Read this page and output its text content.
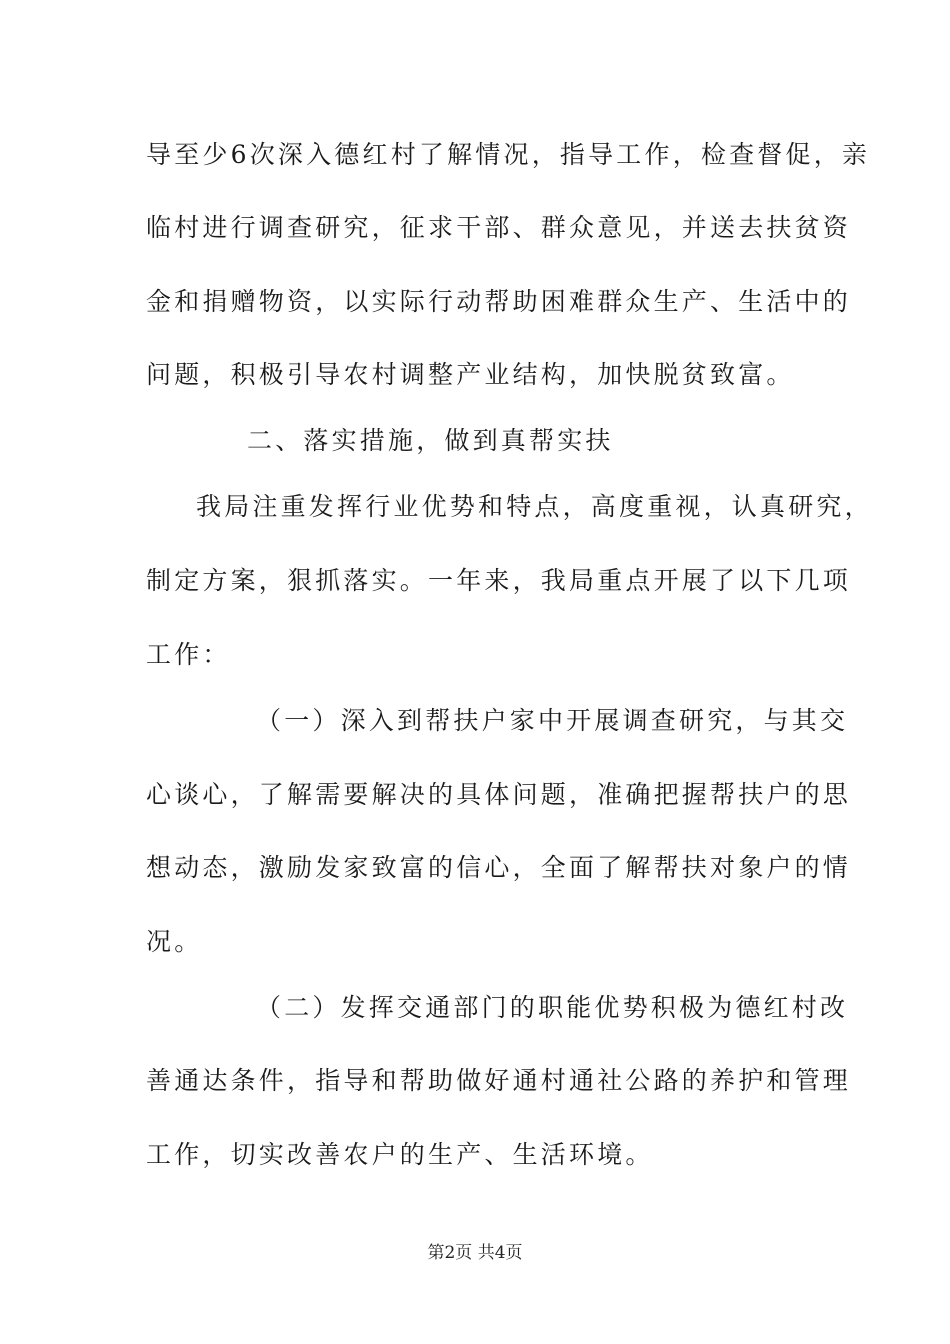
导至少6次深入德红村了解情况，指导工作，检查督促，亲
临村进行调查研究，征求干部、群众意见，并送去扶贫资
金和捐赠物资，以实际行动帮助困难群众生产、生活中的
问题，积极引导农村调整产业结构，加快脱贫致富。
二、落实措施，做到真帮实扶
我局注重发挥行业优势和特点，高度重视，认真研究，
制定方案，狠抓落实。一年来，我局重点开展了以下几项
工作：
（一）深入到帮扶户家中开展调查研究，与其交
心谈心，了解需要解决的具体问题，准确把握帮扶户的思
想动态，激励发家致富的信心，全面了解帮扶对象户的情
况。
（二）发挥交通部门的职能优势积极为德红村改
善通达条件，指导和帮助做好通村通社公路的养护和管理
工作，切实改善农户的生产、生活环境。
第2页 共4页
